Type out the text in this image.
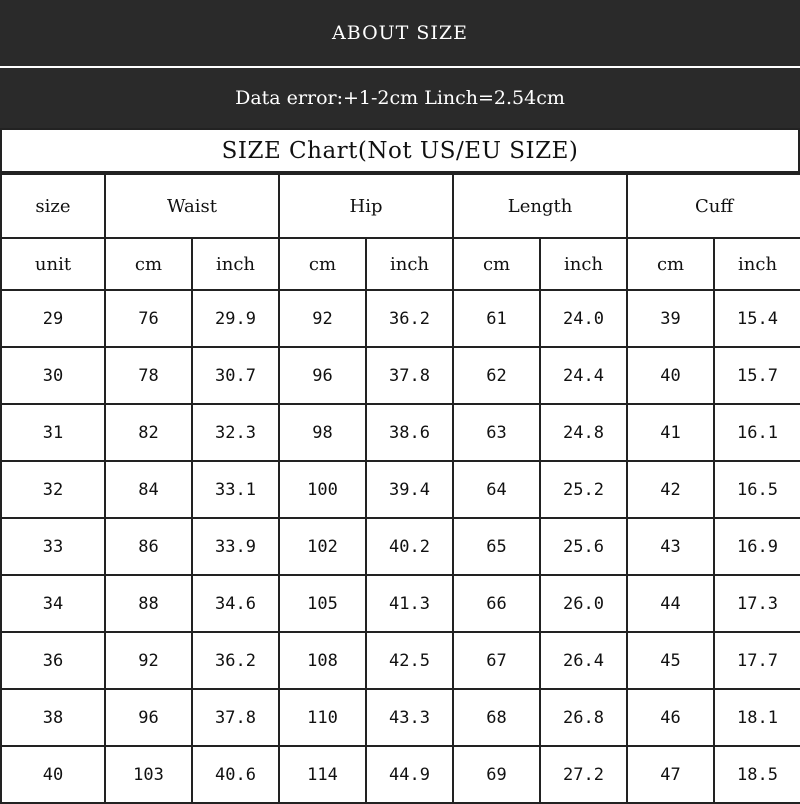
ABOUT SIZE
Data error:+1-2cm Linch=2.54cm
SIZE Chart(Not US/EU SIZE)
size	Waist		Hip		Length		Cuff	
unit	cm	inch	cm	inch	cm	inch	cm	inch
29	76	29.9	92	36.2	61	24.0	39	15.4
30	78	30.7	96	37.8	62	24.4	40	15.7
31	82	32.3	98	38.6	63	24.8	41	16.1
32	84	33.1	100	39.4	64	25.2	42	16.5
33	86	33.9	102	40.2	65	25.6	43	16.9
34	88	34.6	105	41.3	66	26.0	44	17.3
36	92	36.2	108	42.5	67	26.4	45	17.7
38	96	37.8	110	43.3	68	26.8	46	18.1
40	103	40.6	114	44.9	69	27.2	47	18.5
